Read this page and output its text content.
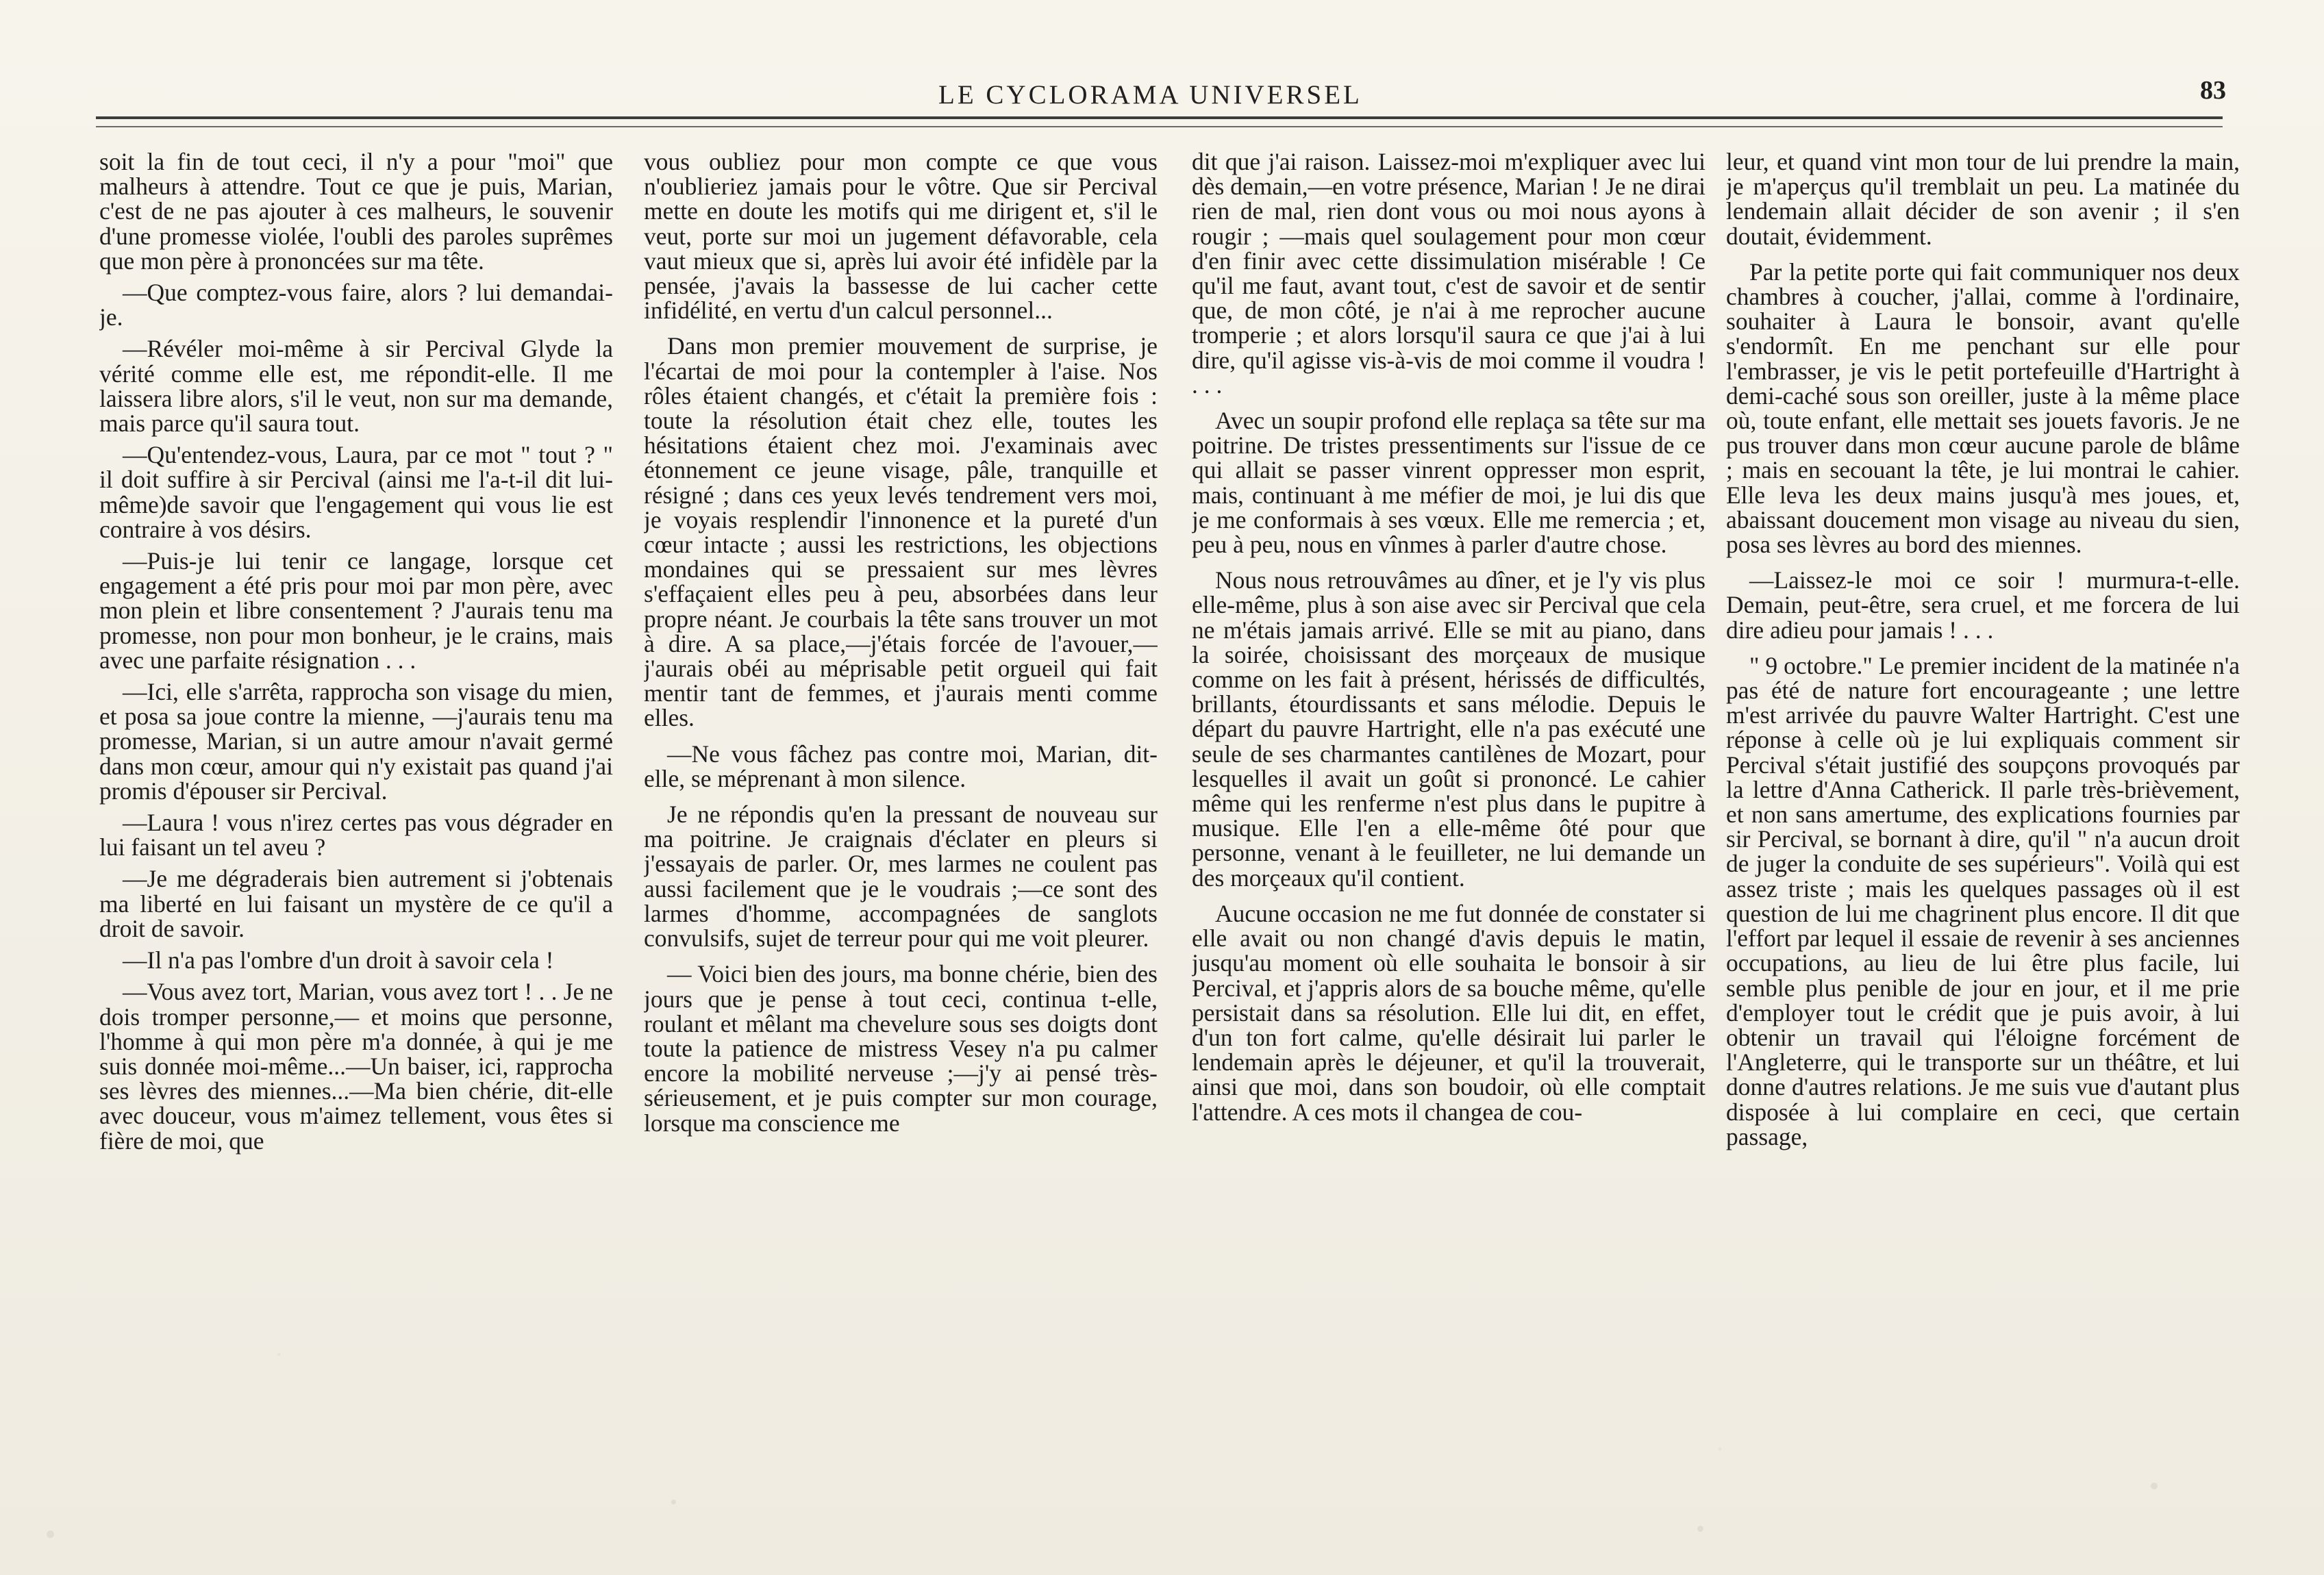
LE CYCLORAMA UNIVERSEL	83

soit la fin de tout ceci, il n'y a pour "moi" que malheurs à attendre. Tout ce que je puis, Marian, c'est de ne pas ajouter à ces malheurs, le souvenir d'une promesse violée, l'oubli des paroles suprêmes que mon père à prononcées sur ma tête.

—Que comptez-vous faire, alors ? lui demandai-je.

—Révéler moi-même à sir Percival Glyde la vérité comme elle est, me répondit-elle. Il me laissera libre alors, s'il le veut, non sur ma demande, mais parce qu'il saura tout.

—Qu'entendez-vous, Laura, par ce mot " tout ? " il doit suffire à sir Percival (ainsi me l'a-t-il dit lui-même)de savoir que l'engagement qui vous lie est contraire à vos désirs.

—Puis-je lui tenir ce langage, lorsque cet engagement a été pris pour moi par mon père, avec mon plein et libre consentement ? J'aurais tenu ma promesse, non pour mon bonheur, je le crains, mais avec une parfaite résignation . . .

—Ici, elle s'arrêta, rapprocha son visage du mien, et posa sa joue contre la mienne, —j'aurais tenu ma promesse, Marian, si un autre amour n'avait germé dans mon cœur, amour qui n'y existait pas quand j'ai promis d'épouser sir Percival.

—Laura ! vous n'irez certes pas vous dégrader en lui faisant un tel aveu ?

—Je me dégraderais bien autrement si j'obtenais ma liberté en lui faisant un mystère de ce qu'il a droit de savoir.

—Il n'a pas l'ombre d'un droit à savoir cela !

—Vous avez tort, Marian, vous avez tort ! . . Je ne dois tromper personne,— et moins que personne, l'homme à qui mon père m'a donnée, à qui je me suis donnée moi-même...—Un baiser, ici, rapprocha ses lèvres des miennes...—Ma bien chérie, dit-elle avec douceur, vous m'aimez tellement, vous êtes si fière de moi, que

vous oubliez pour mon compte ce que vous n'oublieriez jamais pour le vôtre. Que sir Percival mette en doute les motifs qui me dirigent et, s'il le veut, porte sur moi un jugement défavorable, cela vaut mieux que si, après lui avoir été infidèle par la pensée, j'avais la bassesse de lui cacher cette infidélité, en vertu d'un calcul personnel...

Dans mon premier mouvement de surprise, je l'écartai de moi pour la contempler à l'aise. Nos rôles étaient changés, et c'était la première fois : toute la résolution était chez elle, toutes les hésitations étaient chez moi. J'examinais avec étonnement ce jeune visage, pâle, tranquille et résigné ; dans ces yeux levés tendrement vers moi, je voyais resplendir l'innonence et la pureté d'un cœur intacte ; aussi les restrictions, les objections mondaines qui se pressaient sur mes lèvres s'effaçaient elles peu à peu, absorbées dans leur propre néant. Je courbais la tête sans trouver un mot à dire. A sa place,—j'étais forcée de l'avouer,— j'aurais obéi au méprisable petit orgueil qui fait mentir tant de femmes, et j'aurais menti comme elles.

—Ne vous fâchez pas contre moi, Marian, dit-elle, se méprenant à mon silence.

Je ne répondis qu'en la pressant de nouveau sur ma poitrine. Je craignais d'éclater en pleurs si j'essayais de parler. Or, mes larmes ne coulent pas aussi facilement que je le voudrais ;—ce sont des larmes d'homme, accompagnées de sanglots convulsifs, sujet de terreur pour qui me voit pleurer.

— Voici bien des jours, ma bonne chérie, bien des jours que je pense à tout ceci, continua t-elle, roulant et mêlant ma chevelure sous ses doigts dont toute la patience de mistress Vesey n'a pu calmer encore la mobilité nerveuse ;—j'y ai pensé très-sérieusement, et je puis compter sur mon courage, lorsque ma conscience me

dit que j'ai raison. Laissez-moi m'expliquer avec lui dès demain,—en votre présence, Marian ! Je ne dirai rien de mal, rien dont vous ou moi nous ayons à rougir ; —mais quel soulagement pour mon cœur d'en finir avec cette dissimulation misérable ! Ce qu'il me faut, avant tout, c'est de savoir et de sentir que, de mon côté, je n'ai à me reprocher aucune tromperie ; et alors lorsqu'il saura ce que j'ai à lui dire, qu'il agisse vis-à-vis de moi comme il voudra ! . . .

Avec un soupir profond elle replaça sa tête sur ma poitrine. De tristes pressentiments sur l'issue de ce qui allait se passer vinrent oppresser mon esprit, mais, continuant à me méfier de moi, je lui dis que je me conformais à ses vœux. Elle me remercia ; et, peu à peu, nous en vînmes à parler d'autre chose.

Nous nous retrouvâmes au dîner, et je l'y vis plus elle-même, plus à son aise avec sir Percival que cela ne m'étais jamais arrivé. Elle se mit au piano, dans la soirée, choisissant des morçeaux de musique comme on les fait à présent, hérissés de difficultés, brillants, étourdissants et sans mélodie. Depuis le départ du pauvre Hartright, elle n'a pas exécuté une seule de ses charmantes cantilènes de Mozart, pour lesquelles il avait un goût si prononcé. Le cahier même qui les renferme n'est plus dans le pupitre à musique. Elle l'en a elle-même ôté pour que personne, venant à le feuilleter, ne lui demande un des morçeaux qu'il contient.

Aucune occasion ne me fut donnée de constater si elle avait ou non changé d'avis depuis le matin, jusqu'au moment où elle souhaita le bonsoir à sir Percival, et j'appris alors de sa bouche même, qu'elle persistait dans sa résolution. Elle lui dit, en effet, d'un ton fort calme, qu'elle désirait lui parler le lendemain après le déjeuner, et qu'il la trouverait, ainsi que moi, dans son boudoir, où elle comptait l'attendre. A ces mots il changea de cou-

leur, et quand vint mon tour de lui prendre la main, je m'aperçus qu'il tremblait un peu. La matinée du lendemain allait décider de son avenir ; il s'en doutait, évidemment.

Par la petite porte qui fait communiquer nos deux chambres à coucher, j'allai, comme à l'ordinaire, souhaiter à Laura le bonsoir, avant qu'elle s'endormît. En me penchant sur elle pour l'embrasser, je vis le petit portefeuille d'Hartright à demi-caché sous son oreiller, juste à la même place où, toute enfant, elle mettait ses jouets favoris. Je ne pus trouver dans mon cœur aucune parole de blâme ; mais en secouant la tête, je lui montrai le cahier. Elle leva les deux mains jusqu'à mes joues, et, abaissant doucement mon visage au niveau du sien, posa ses lèvres au bord des miennes.

—Laissez-le moi ce soir ! murmura-t-elle. Demain, peut-être, sera cruel, et me forcera de lui dire adieu pour jamais ! . . .

" 9 octobre." Le premier incident de la matinée n'a pas été de nature fort encourageante ; une lettre m'est arrivée du pauvre Walter Hartright. C'est une réponse à celle où je lui expliquais comment sir Percival s'était justifié des soupçons provoqués par la lettre d'Anna Catherick. Il parle très-brièvement, et non sans amertume, des explications fournies par sir Percival, se bornant à dire, qu'il " n'a aucun droit de juger la conduite de ses supérieurs". Voilà qui est assez triste ; mais les quelques passages où il est question de lui me chagrinent plus encore. Il dit que l'effort par lequel il essaie de revenir à ses anciennes occupations, au lieu de lui être plus facile, lui semble plus penible de jour en jour, et il me prie d'employer tout le crédit que je puis avoir, à lui obtenir un travail qui l'éloigne forcément de l'Angleterre, qui le transporte sur un théâtre, et lui donne d'autres relations. Je me suis vue d'autant plus disposée à lui complaire en ceci, que certain passage,
